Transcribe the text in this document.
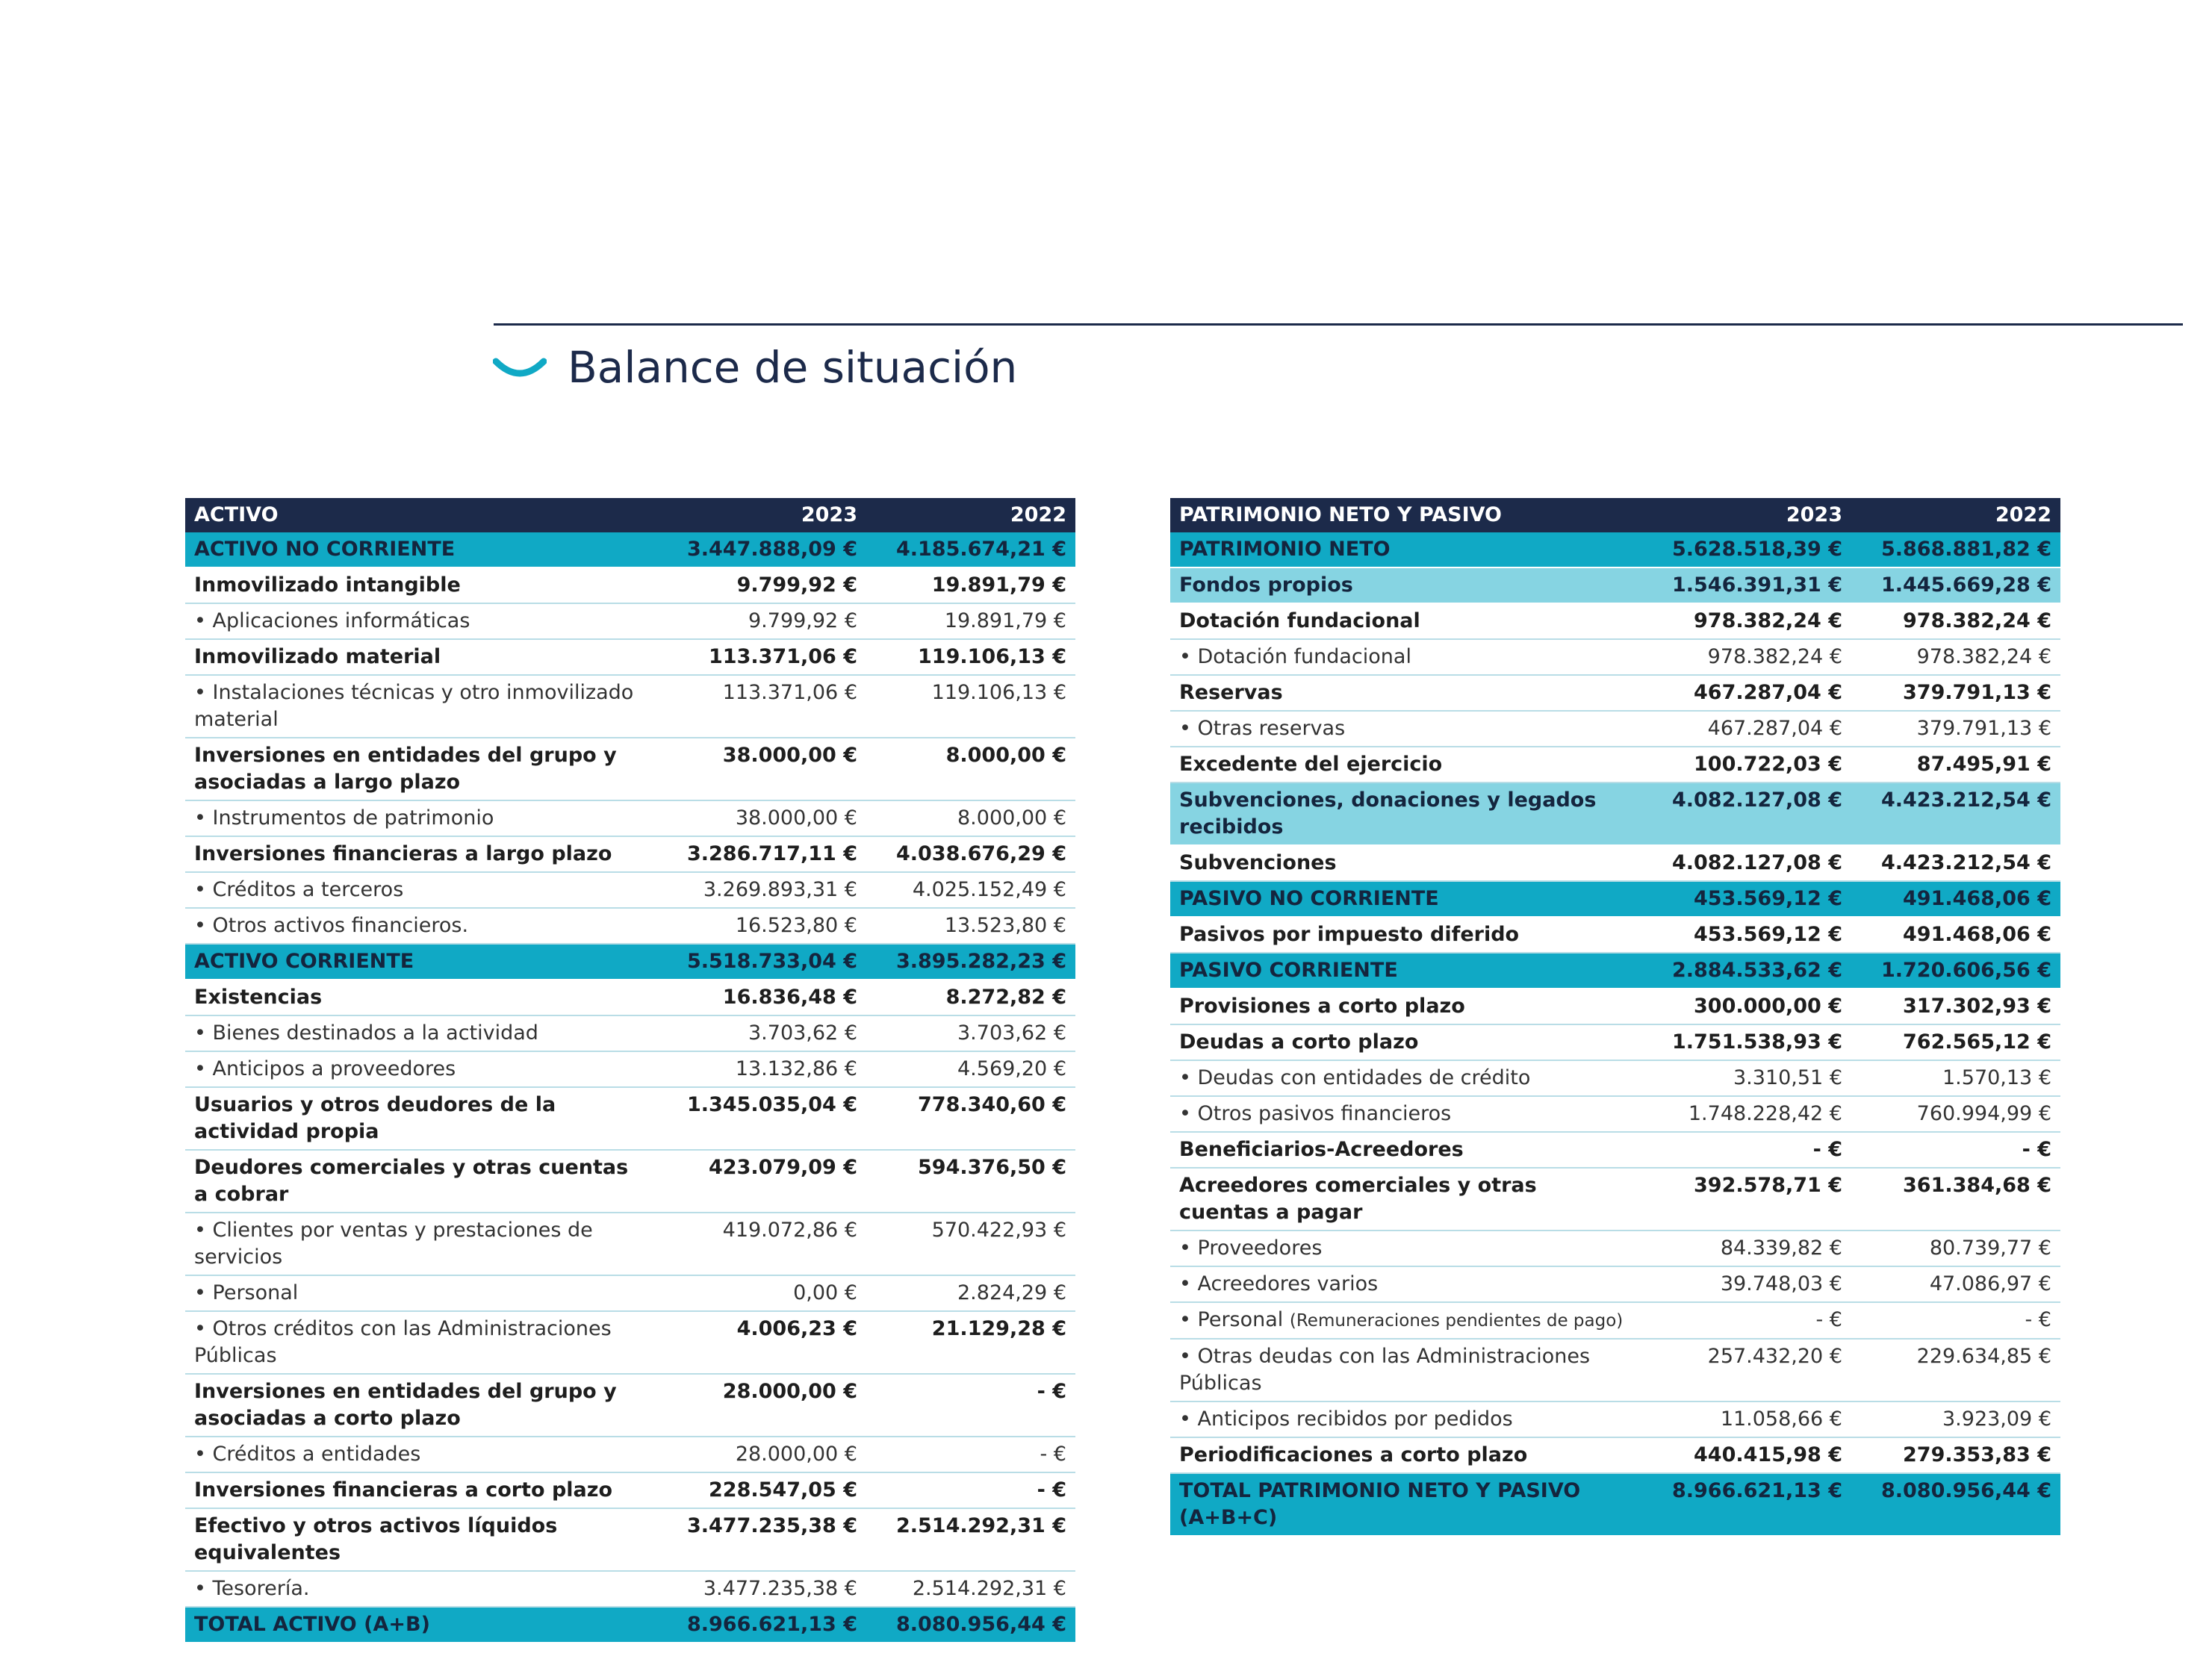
Balance de situación
ACTIVO	2023	2022
ACTIVO NO CORRIENTE	3.447.888,09 €	4.185.674,21 €
Inmovilizado intangible	9.799,92 €	19.891,79 €
• Aplicaciones informáticas	9.799,92 €	19.891,79 €
Inmovilizado material	113.371,06 €	119.106,13 €
• Instalaciones técnicas y otro inmovilizado material	113.371,06 €	119.106,13 €
Inversiones en entidades del grupo y asociadas a largo plazo	38.000,00 €	8.000,00 €
• Instrumentos de patrimonio	38.000,00 €	8.000,00 €
Inversiones financieras a largo plazo	3.286.717,11 €	4.038.676,29 €
• Créditos a terceros	3.269.893,31 €	4.025.152,49 €
• Otros activos financieros.	16.523,80 €	13.523,80 €
ACTIVO CORRIENTE	5.518.733,04 €	3.895.282,23 €
Existencias	16.836,48 €	8.272,82 €
• Bienes destinados a la actividad	3.703,62 €	3.703,62 €
• Anticipos a proveedores	13.132,86 €	4.569,20 €
Usuarios y otros deudores de la actividad propia	1.345.035,04 €	778.340,60 €
Deudores comerciales y otras cuentas a cobrar	423.079,09 €	594.376,50 €
• Clientes por ventas y prestaciones de servicios	419.072,86 €	570.422,93 €
• Personal	0,00 €	2.824,29 €
• Otros créditos con las Administraciones Públicas	4.006,23 €	21.129,28 €
Inversiones en entidades del grupo y asociadas a corto plazo	28.000,00 €	- €
• Créditos a entidades	28.000,00 €	- €
Inversiones financieras a corto plazo	228.547,05 €	- €
Efectivo y otros activos líquidos equivalentes	3.477.235,38 €	2.514.292,31 €
• Tesorería.	3.477.235,38 €	2.514.292,31 €
TOTAL ACTIVO (A+B)	8.966.621,13 €	8.080.956,44 €
PATRIMONIO NETO Y PASIVO	2023	2022
PATRIMONIO NETO	5.628.518,39 €	5.868.881,82 €
Fondos propios	1.546.391,31 €	1.445.669,28 €
Dotación fundacional	978.382,24 €	978.382,24 €
• Dotación fundacional	978.382,24 €	978.382,24 €
Reservas	467.287,04 €	379.791,13 €
• Otras reservas	467.287,04 €	379.791,13 €
Excedente del ejercicio	100.722,03 €	87.495,91 €
Subvenciones, donaciones y legados recibidos	4.082.127,08 €	4.423.212,54 €
Subvenciones	4.082.127,08 €	4.423.212,54 €
PASIVO NO CORRIENTE	453.569,12 €	491.468,06 €
Pasivos por impuesto diferido	453.569,12 €	491.468,06 €
PASIVO CORRIENTE	2.884.533,62 €	1.720.606,56 €
Provisiones a corto plazo	300.000,00 €	317.302,93 €
Deudas a corto plazo	1.751.538,93 €	762.565,12 €
• Deudas con entidades de crédito	3.310,51 €	1.570,13 €
• Otros pasivos financieros	1.748.228,42 €	760.994,99 €
Beneficiarios-Acreedores	- €	- €
Acreedores comerciales y otras cuentas a pagar	392.578,71 €	361.384,68 €
• Proveedores	84.339,82 €	80.739,77 €
• Acreedores varios	39.748,03 €	47.086,97 €
• Personal (Remuneraciones pendientes de pago)	- €	- €
• Otras deudas con las Administraciones Públicas	257.432,20 €	229.634,85 €
• Anticipos recibidos por pedidos	11.058,66 €	3.923,09 €
Periodificaciones a corto plazo	440.415,98 €	279.353,83 €
TOTAL PATRIMONIO NETO Y PASIVO (A+B+C)	8.966.621,13 €	8.080.956,44 €
